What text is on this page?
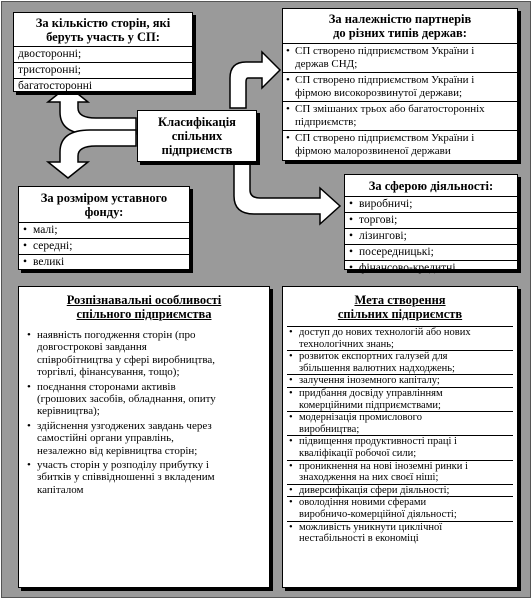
За кількістю сторін, які
беруть участь у СП:
двосторонні;
тристоронні;
багатосторонні
За належністю партнерів
до різних типів держав:
• СП створено підприємством України і
держав СНД;
• СП створено підприємством України і
фірмою високорозвинутої держави;
• СП змішаних трьох або багатосторонніх
підприємств;
• СП створено підприємством України і
фірмою малорозвиненої держави
Класифікація
спільних
підприємств
За розміром уставного
фонду:
• малі;
• середні;
• великі
За сферою діяльності:
• виробничі;
• торгові;
• лізингові;
• посередницькі;
• фінансово-кредитні
Розпізнавальні особливості
спільного підприємства
• наявність погодження сторін (про
довгострокові завдання
співробітництва у сфері виробництва,
торгівлі, фінансування, тощо);
• поєднання сторонами активів
(грошових засобів, обладнання, опиту
керівництва);
• здійснення узгоджених завдань через
самостійні органи управлінь,
незалежно від керівництва сторін;
• участь сторін у розподілу прибутку і
збитків у співвідношенні з вкладеним
капіталом
Мета створення
спільних підприємств
• доступ до нових технологій або нових
технологічних знань;
• розвиток експортних галузей для
збільшення валютних надходжень;
• залучення іноземного капіталу;
• придбання досвіду управлінням
комерційними підприємствами;
• модернізація промислового
виробництва;
• підвищення продуктивності праці і
кваліфікації робочої сили;
• проникнення на нові іноземні ринки і
знаходження на них своєї ніші;
• диверсифікація сфери діяльності;
• оволодіння новими сферами
виробничо-комерційної діяльності;
• можливість уникнути циклічної
нестабільності в економіці
